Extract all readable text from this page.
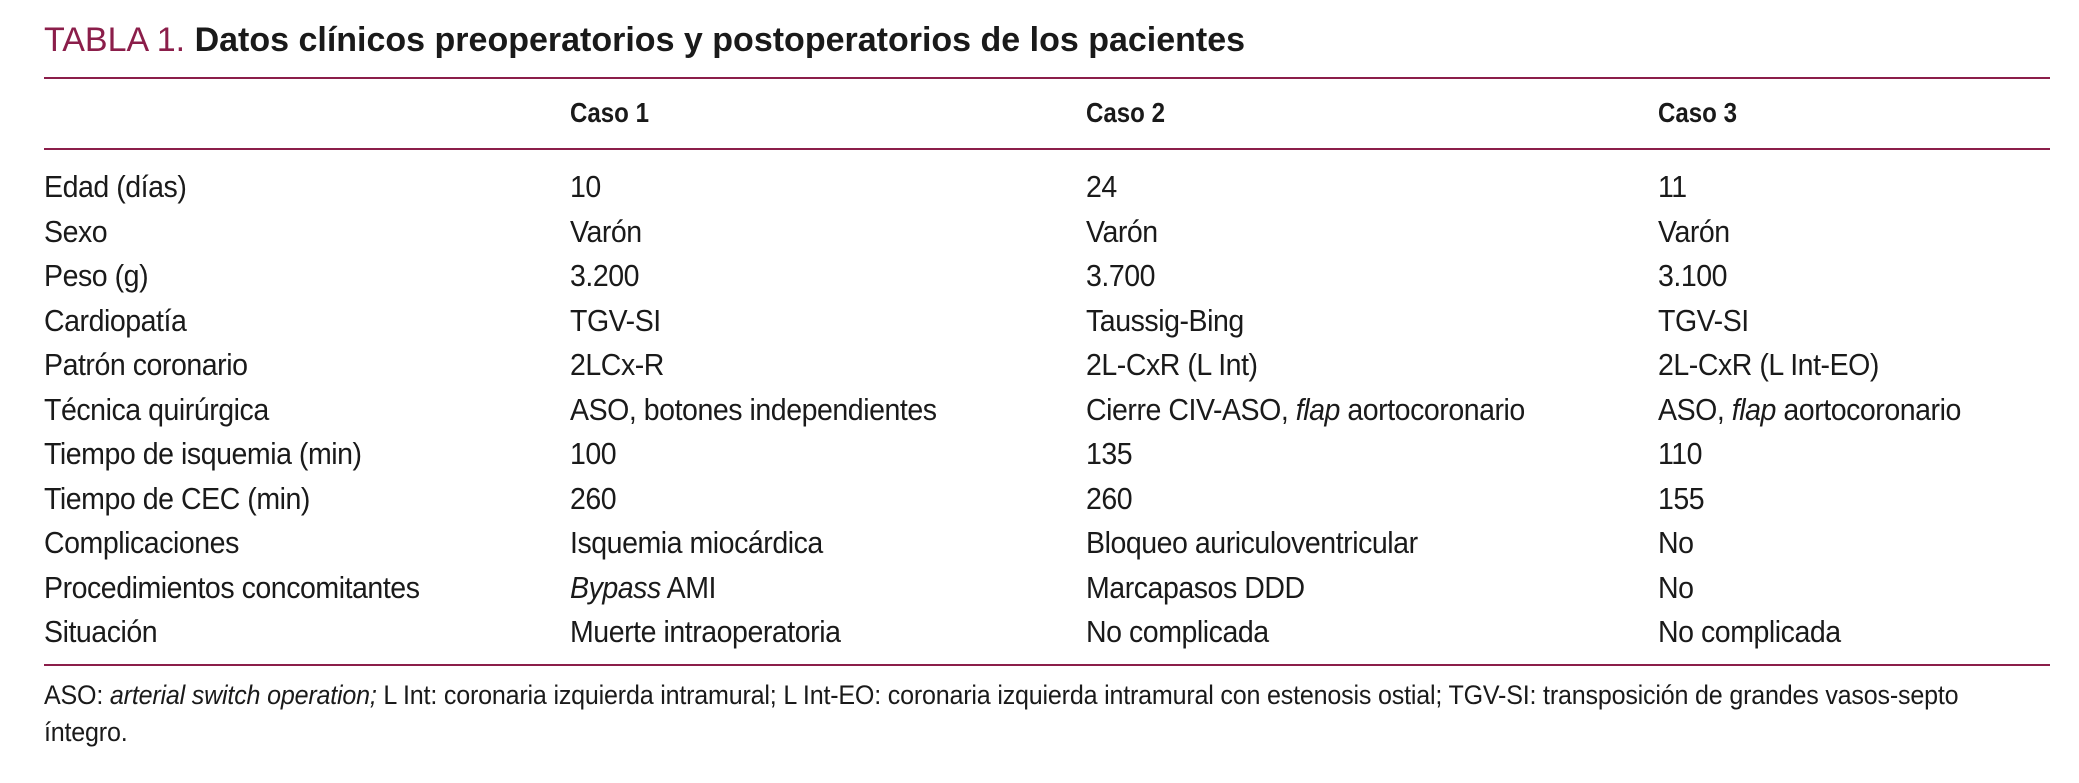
TABLA 1. Datos clínicos preoperatorios y postoperatorios de los pacientes
	Caso 1	Caso 2	Caso 3
Edad (días)	10	24	11
Sexo	Varón	Varón	Varón
Peso (g)	3.200	3.700	3.100
Cardiopatía	TGV-SI	Taussig-Bing	TGV-SI
Patrón coronario	2LCx-R	2L-CxR (L Int)	2L-CxR (L Int-EO)
Técnica quirúrgica	ASO, botones independientes	Cierre CIV-ASO, flap aortocoronario	ASO, flap aortocoronario
Tiempo de isquemia (min)	100	135	110
Tiempo de CEC (min)	260	260	155
Complicaciones	Isquemia miocárdica	Bloqueo auriculoventricular	No
Procedimientos concomitantes	Bypass AMI	Marcapasos DDD	No
Situación	Muerte intraoperatoria	No complicada	No complicada
ASO: arterial switch operation; L Int: coronaria izquierda intramural; L Int-EO: coronaria izquierda intramural con estenosis ostial; TGV-SI: transposición de grandes vasos-septo íntegro.
